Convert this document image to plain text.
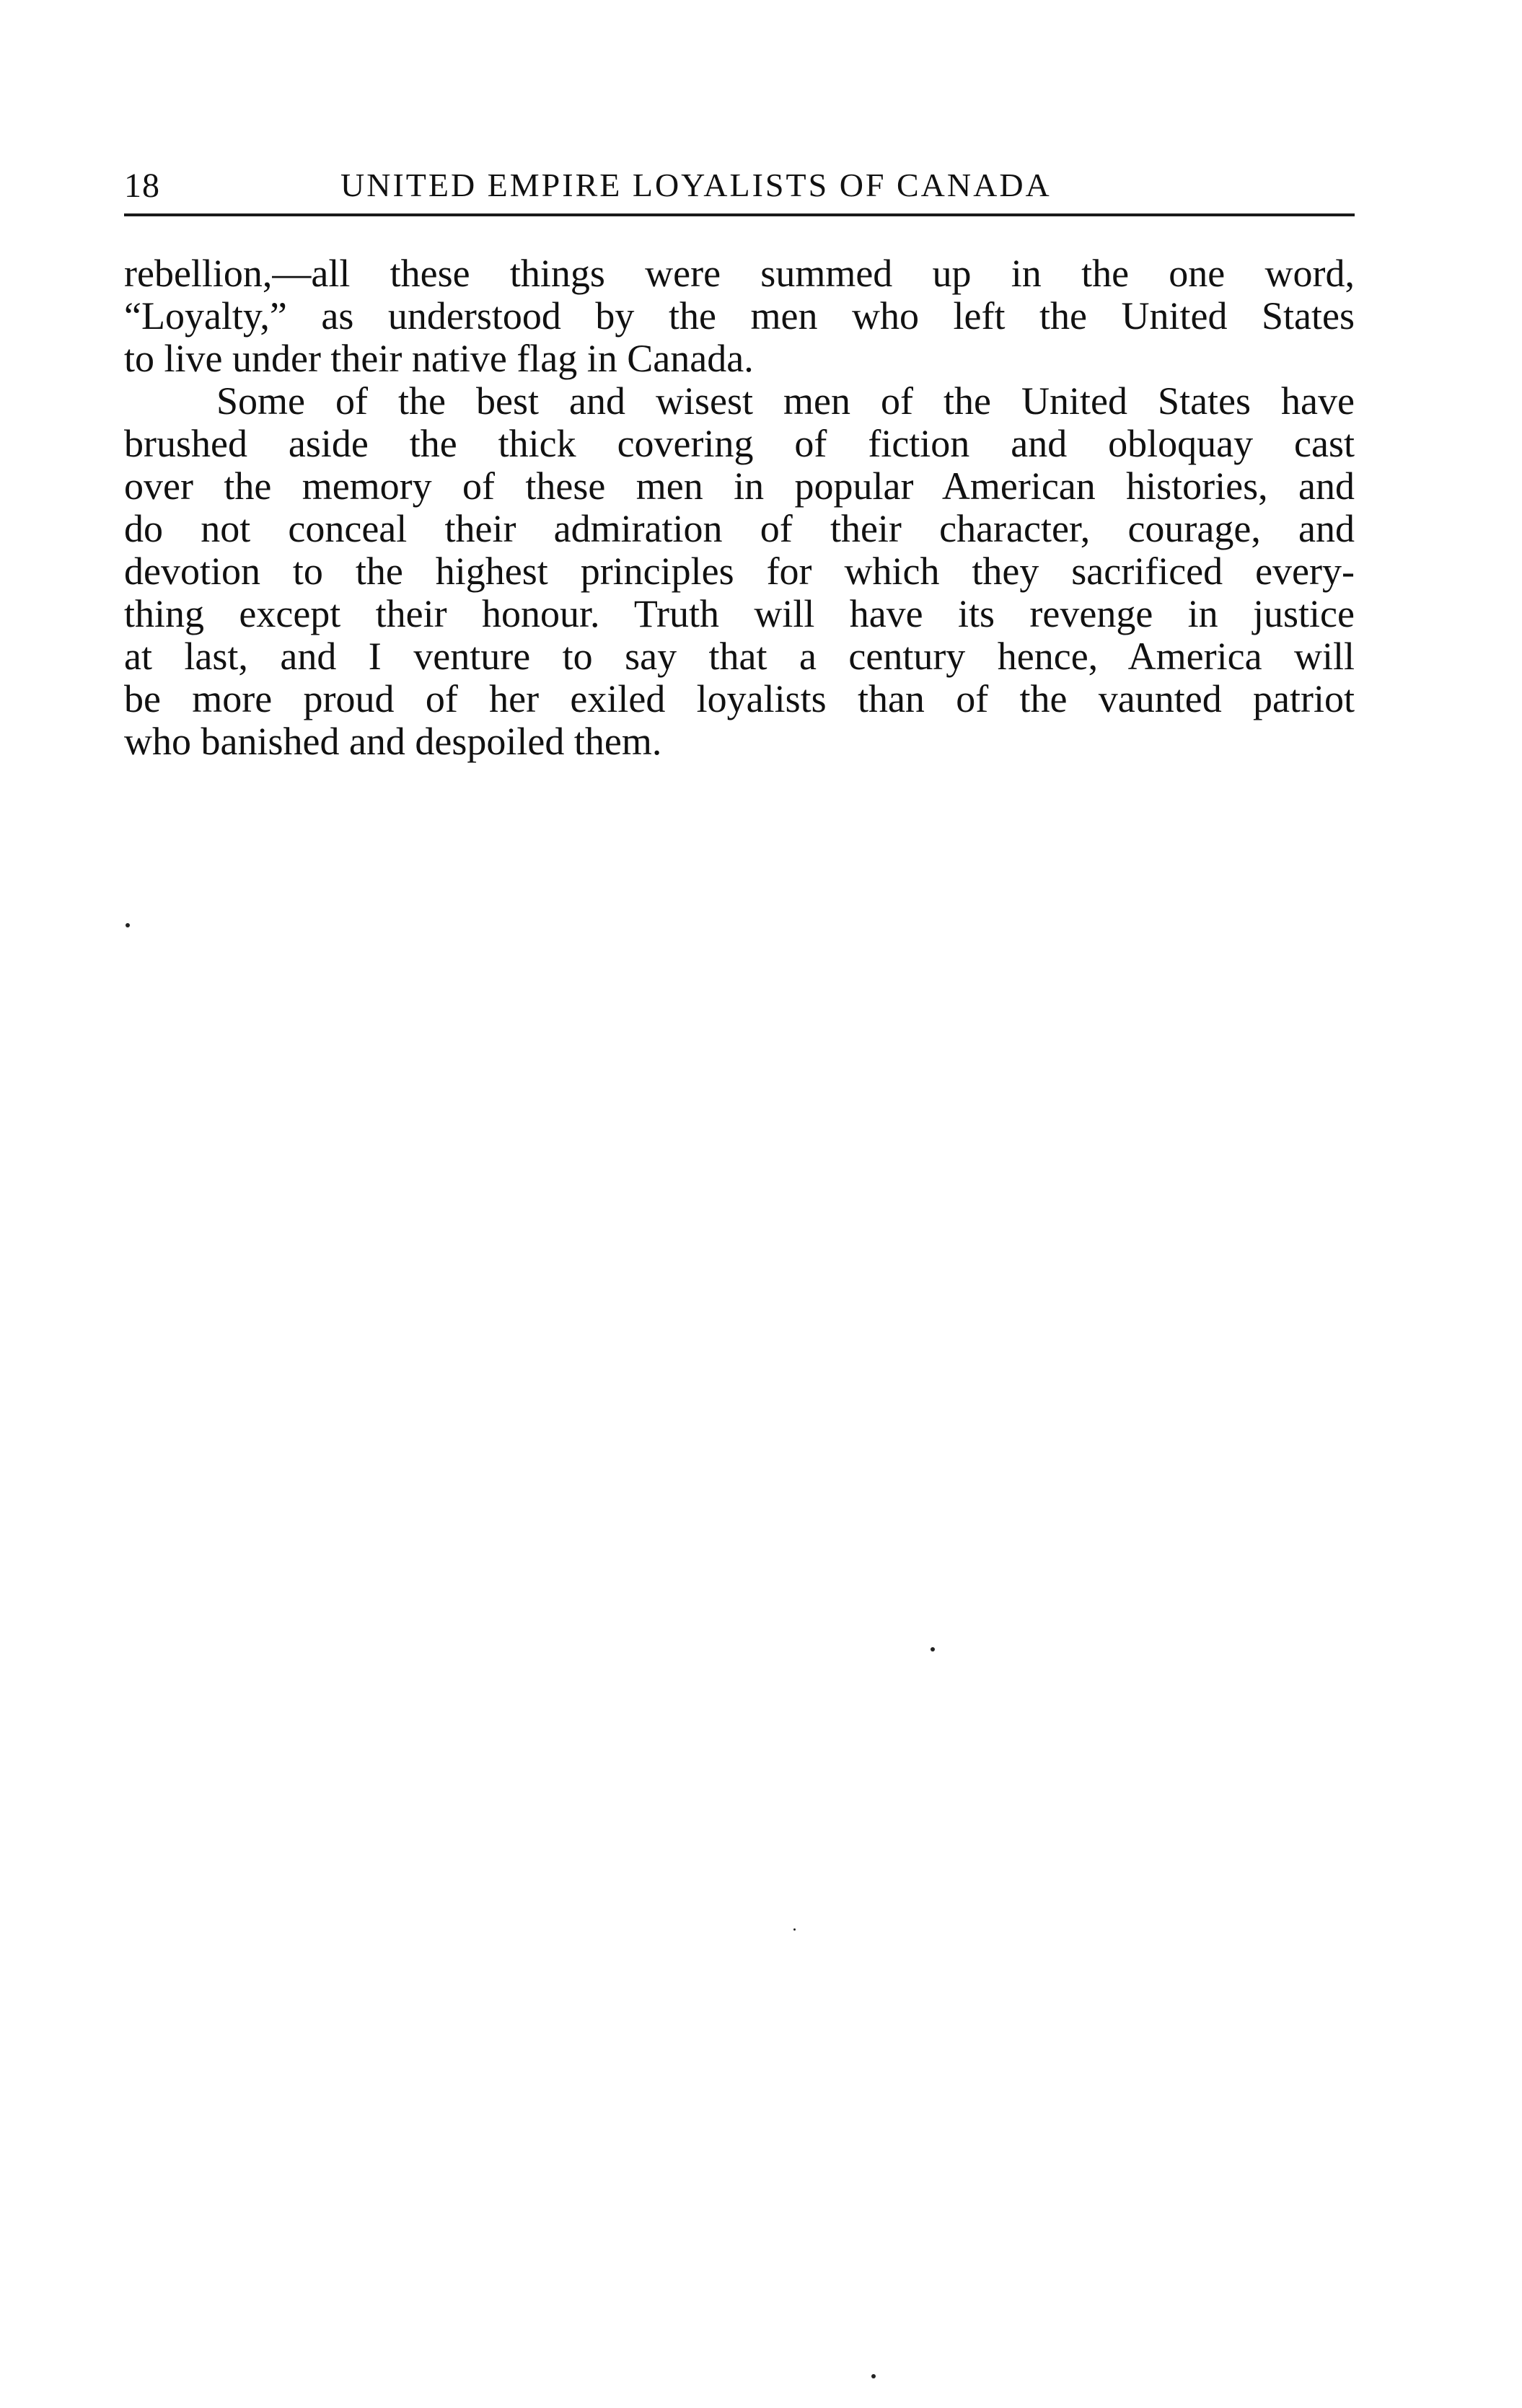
18	UNITED EMPIRE LOYALISTS OF CANADA
rebellion,—all these things were summed up in the one word,
“Loyalty,” as understood by the men who left the United States
to live under their native flag in Canada.
Some of the best and wisest men of the United States have
brushed aside the thick covering of fiction and obloquay cast
over the memory of these men in popular American histories, and
do not conceal their admiration of their character, courage, and
devotion to the highest principles for which they sacrificed every-
thing except their honour. Truth will have its revenge in justice
at last, and I venture to say that a century hence, America will
be more proud of her exiled loyalists than of the vaunted patriot
who banished and despoiled them.
